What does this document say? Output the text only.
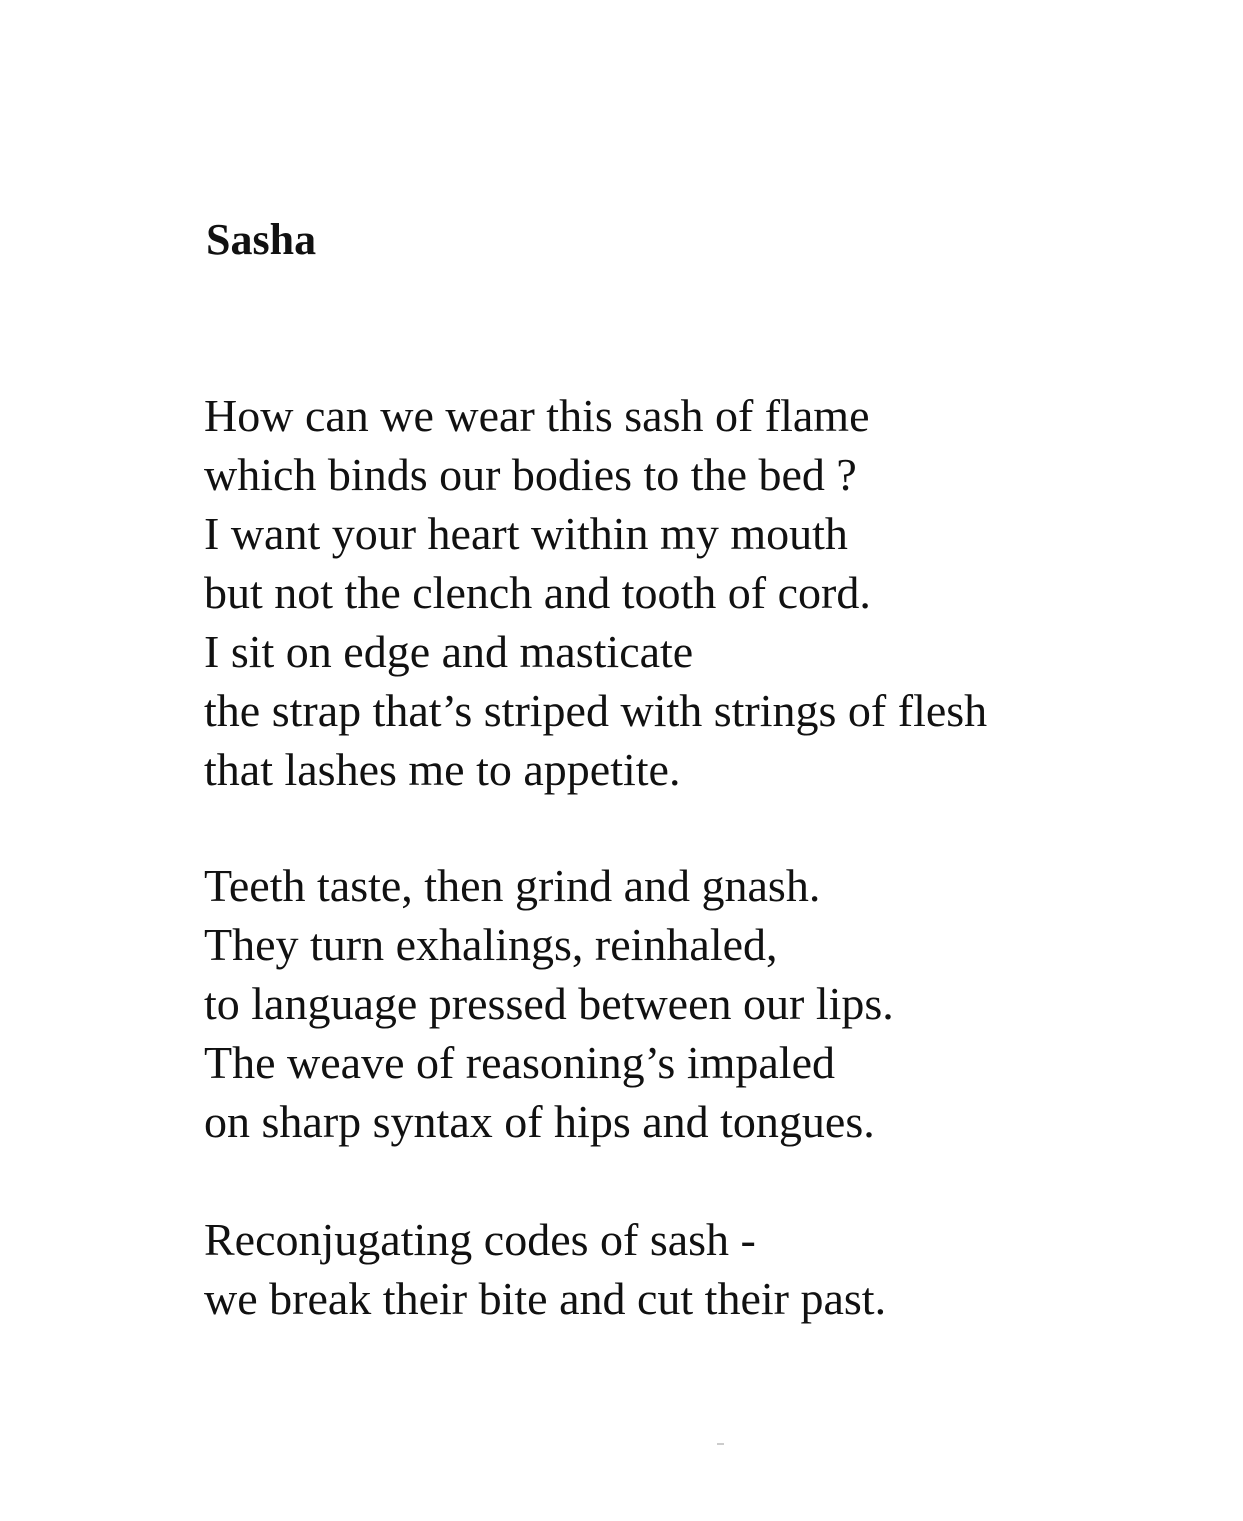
Sasha
How can we wear this sash of flame
which binds our bodies to the bed ?
I want your heart within my mouth
but not the clench and tooth of cord.
I sit on edge and masticate
the strap that’s striped with strings of flesh
that lashes me to appetite.
Teeth taste, then grind and gnash.
They turn exhalings, reinhaled,
to language pressed between our lips.
The weave of reasoning’s impaled
on sharp syntax of hips and tongues.
Reconjugating codes of sash -
we break their bite and cut their past.
